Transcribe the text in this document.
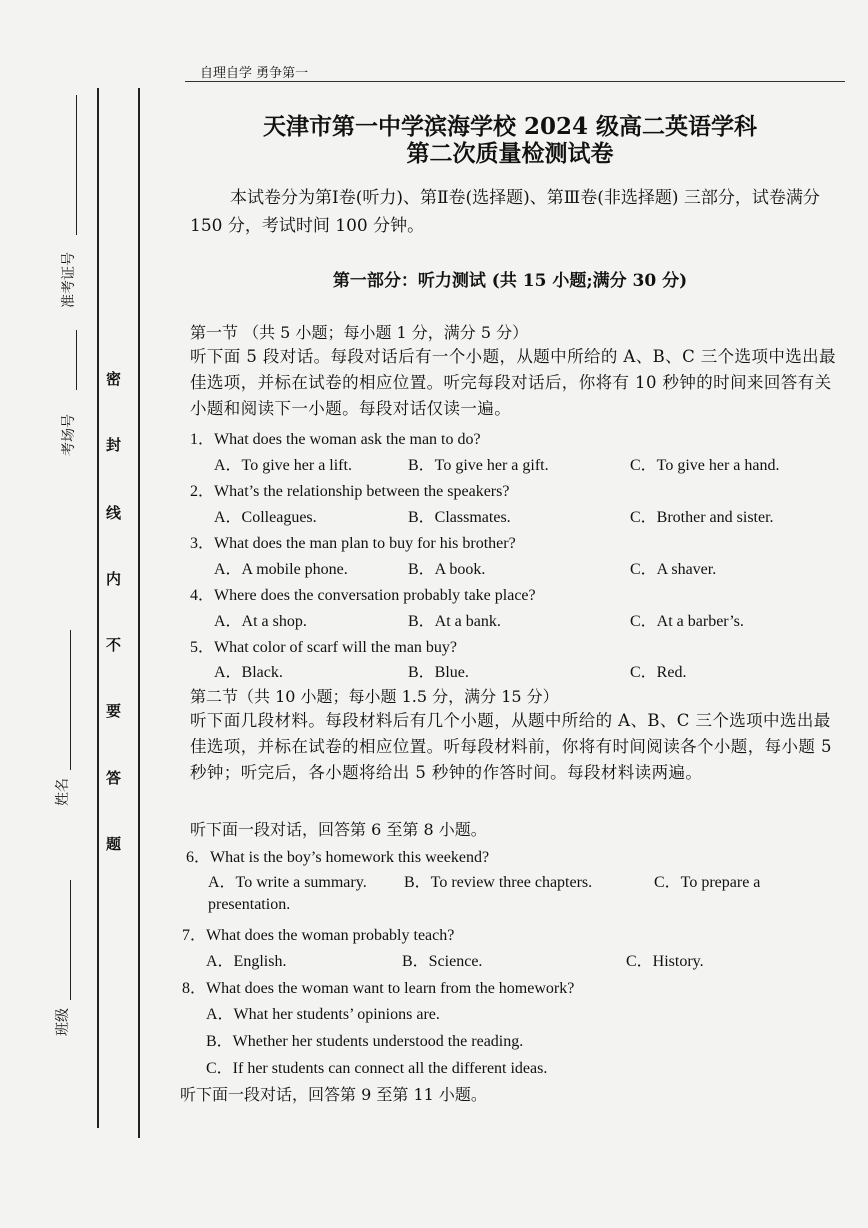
准考证号
考场号
姓名
班级
密
封
线
内
不
要
答
题
自理自学 勇争第一
天津市第一中学滨海学校 2024 级高二英语学科
第二次质量检测试卷
本试卷分为第Ⅰ卷(听力)、第Ⅱ卷(选择题)、第Ⅲ卷(非选择题) 三部分，试卷满分 150 分，考试时间 100 分钟。
第一部分：听力测试 (共 15 小题;满分 30 分)
第一节 （共 5 小题；每小题 1 分，满分 5 分）
听下面 5 段对话。每段对话后有一个小题，从题中所给的 A、B、C 三个选项中选出最佳选项，并标在试卷的相应位置。听完每段对话后，你将有 10 秒钟的时间来回答有关小题和阅读下一小题。每段对话仅读一遍。
1．What does the woman ask the man to do?
A．To give her a lift.	B．To give her a gift.	C．To give her a hand.
2．What’s the relationship between the speakers?
A．Colleagues.	B．Classmates.	C．Brother and sister.
3．What does the man plan to buy for his brother?
A．A mobile phone.	B．A book.	C．A shaver.
4．Where does the conversation probably take place?
A．At a shop.	B．At a bank.	C．At a barber’s.
5．What color of scarf will the man buy?
A．Black.	B．Blue.	C．Red.
第二节（共 10 小题；每小题 1.5 分，满分 15 分）
听下面几段材料。每段材料后有几个小题，从题中所给的 A、B、C 三个选项中选出最佳选项，并标在试卷的相应位置。听每段材料前，你将有时间阅读各个小题，每小题 5 秒钟；听完后，各小题将给出 5 秒钟的作答时间。每段材料读两遍。
听下面一段对话，回答第 6 至第 8 小题。
6．What is the boy’s homework this weekend?
A．To write a summary. B．To review three chapters.	C．To prepare a
presentation.
7．What does the woman probably teach?
A．English.	B．Science.	C．History.
8．What does the woman want to learn from the homework?
A．What her students’ opinions are.
B．Whether her students understood the reading.
C．If her students can connect all the different ideas.
听下面一段对话，回答第 9 至第 11 小题。
